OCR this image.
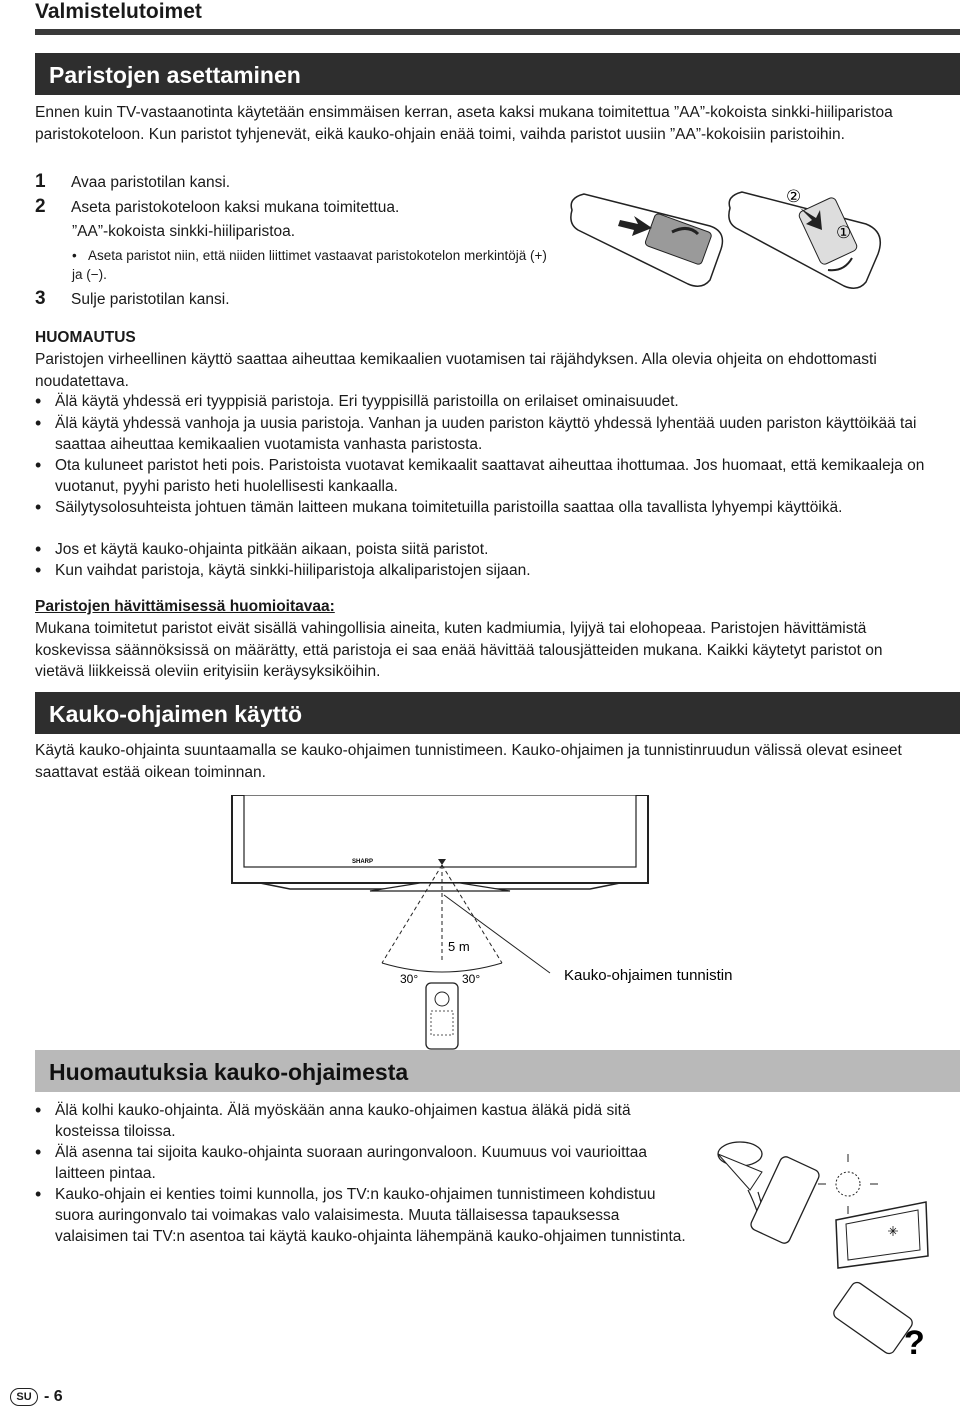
Valmistelutoimet
Paristojen asettaminen
Ennen kuin TV-vastaanotinta käytetään ensimmäisen kerran, aseta kaksi mukana toimitettua ”AA”-kokoista sinkki-hiiliparistoa paristokoteloon. Kun paristot tyhjenevät, eikä kauko-ohjain enää toimi, vaihda paristot uusiin ”AA”-kokoisiin paristoihin.
1 Avaa paristotilan kansi.
2 Aseta paristokoteloon kaksi mukana toimitettua.
”AA”-kokoista sinkki-hiiliparistoa.
• Aseta paristot niin, että niiden liittimet vastaavat paristokotelon merkintöjä (+) ja (−).
3 Sulje paristotilan kansi.
②
①
HUOMAUTUS
Paristojen virheellinen käyttö saattaa aiheuttaa kemikaalien vuotamisen tai räjähdyksen. Alla olevia ohjeita on ehdottomasti noudatettava.
• Älä käytä yhdessä eri tyyppisiä paristoja. Eri tyyppisillä paristoilla on erilaiset ominaisuudet.
• Älä käytä yhdessä vanhoja ja uusia paristoja. Vanhan ja uuden pariston käyttö yhdessä lyhentää uuden pariston käyttöikää tai saattaa aiheuttaa kemikaalien vuotamista vanhasta paristosta.
• Ota kuluneet paristot heti pois. Paristoista vuotavat kemikaalit saattavat aiheuttaa ihottumaa. Jos huomaat, että kemikaaleja on vuotanut, pyyhi paristo heti huolellisesti kankaalla.
• Säilytysolosuhteista johtuen tämän laitteen mukana toimitetuilla paristoilla saattaa olla tavallista lyhyempi käyttöikä.
• Jos et käytä kauko-ohjainta pitkään aikaan, poista siitä paristot.
• Kun vaihdat paristoja, käytä sinkki-hiiliparistoja alkaliparistojen sijaan.
Paristojen hävittämisessä huomioitavaa:
Mukana toimitetut paristot eivät sisällä vahingollisia aineita, kuten kadmiumia, lyijyä tai elohopeaa. Paristojen hävittämistä koskevissa säännöksissä on määrätty, että paristoja ei saa enää hävittää talousjätteiden mukana. Kaikki käytetyt paristot on vietävä liikkeissä oleviin erityisiin keräysyksiköihin.
Kauko-ohjaimen käyttö
Käytä kauko-ohjainta suuntaamalla se kauko-ohjaimen tunnistimeen. Kauko-ohjaimen ja tunnistinruudun välissä olevat esineet saattavat estää oikean toiminnan.
SHARP
5 m
30°	30°	Kauko-ohjaimen tunnistin
Huomautuksia kauko-ohjaimesta
• Älä kolhi kauko-ohjainta. Älä myöskään anna kauko-ohjaimen kastua äläkä pidä sitä kosteissa tiloissa.
• Älä asenna tai sijoita kauko-ohjainta suoraan auringonvaloon. Kuumuus voi vaurioittaa laitteen pintaa.
• Kauko-ohjain ei kenties toimi kunnolla, jos TV:n kauko-ohjaimen tunnistimeen kohdistuu suora auringonvalo tai voimakas valo valaisimesta. Muuta tällaisessa tapauksessa valaisimen tai TV:n asentoa tai käytä kauko-ohjainta lähempänä kauko-ohjaimen tunnistinta.
?
SU - 6
